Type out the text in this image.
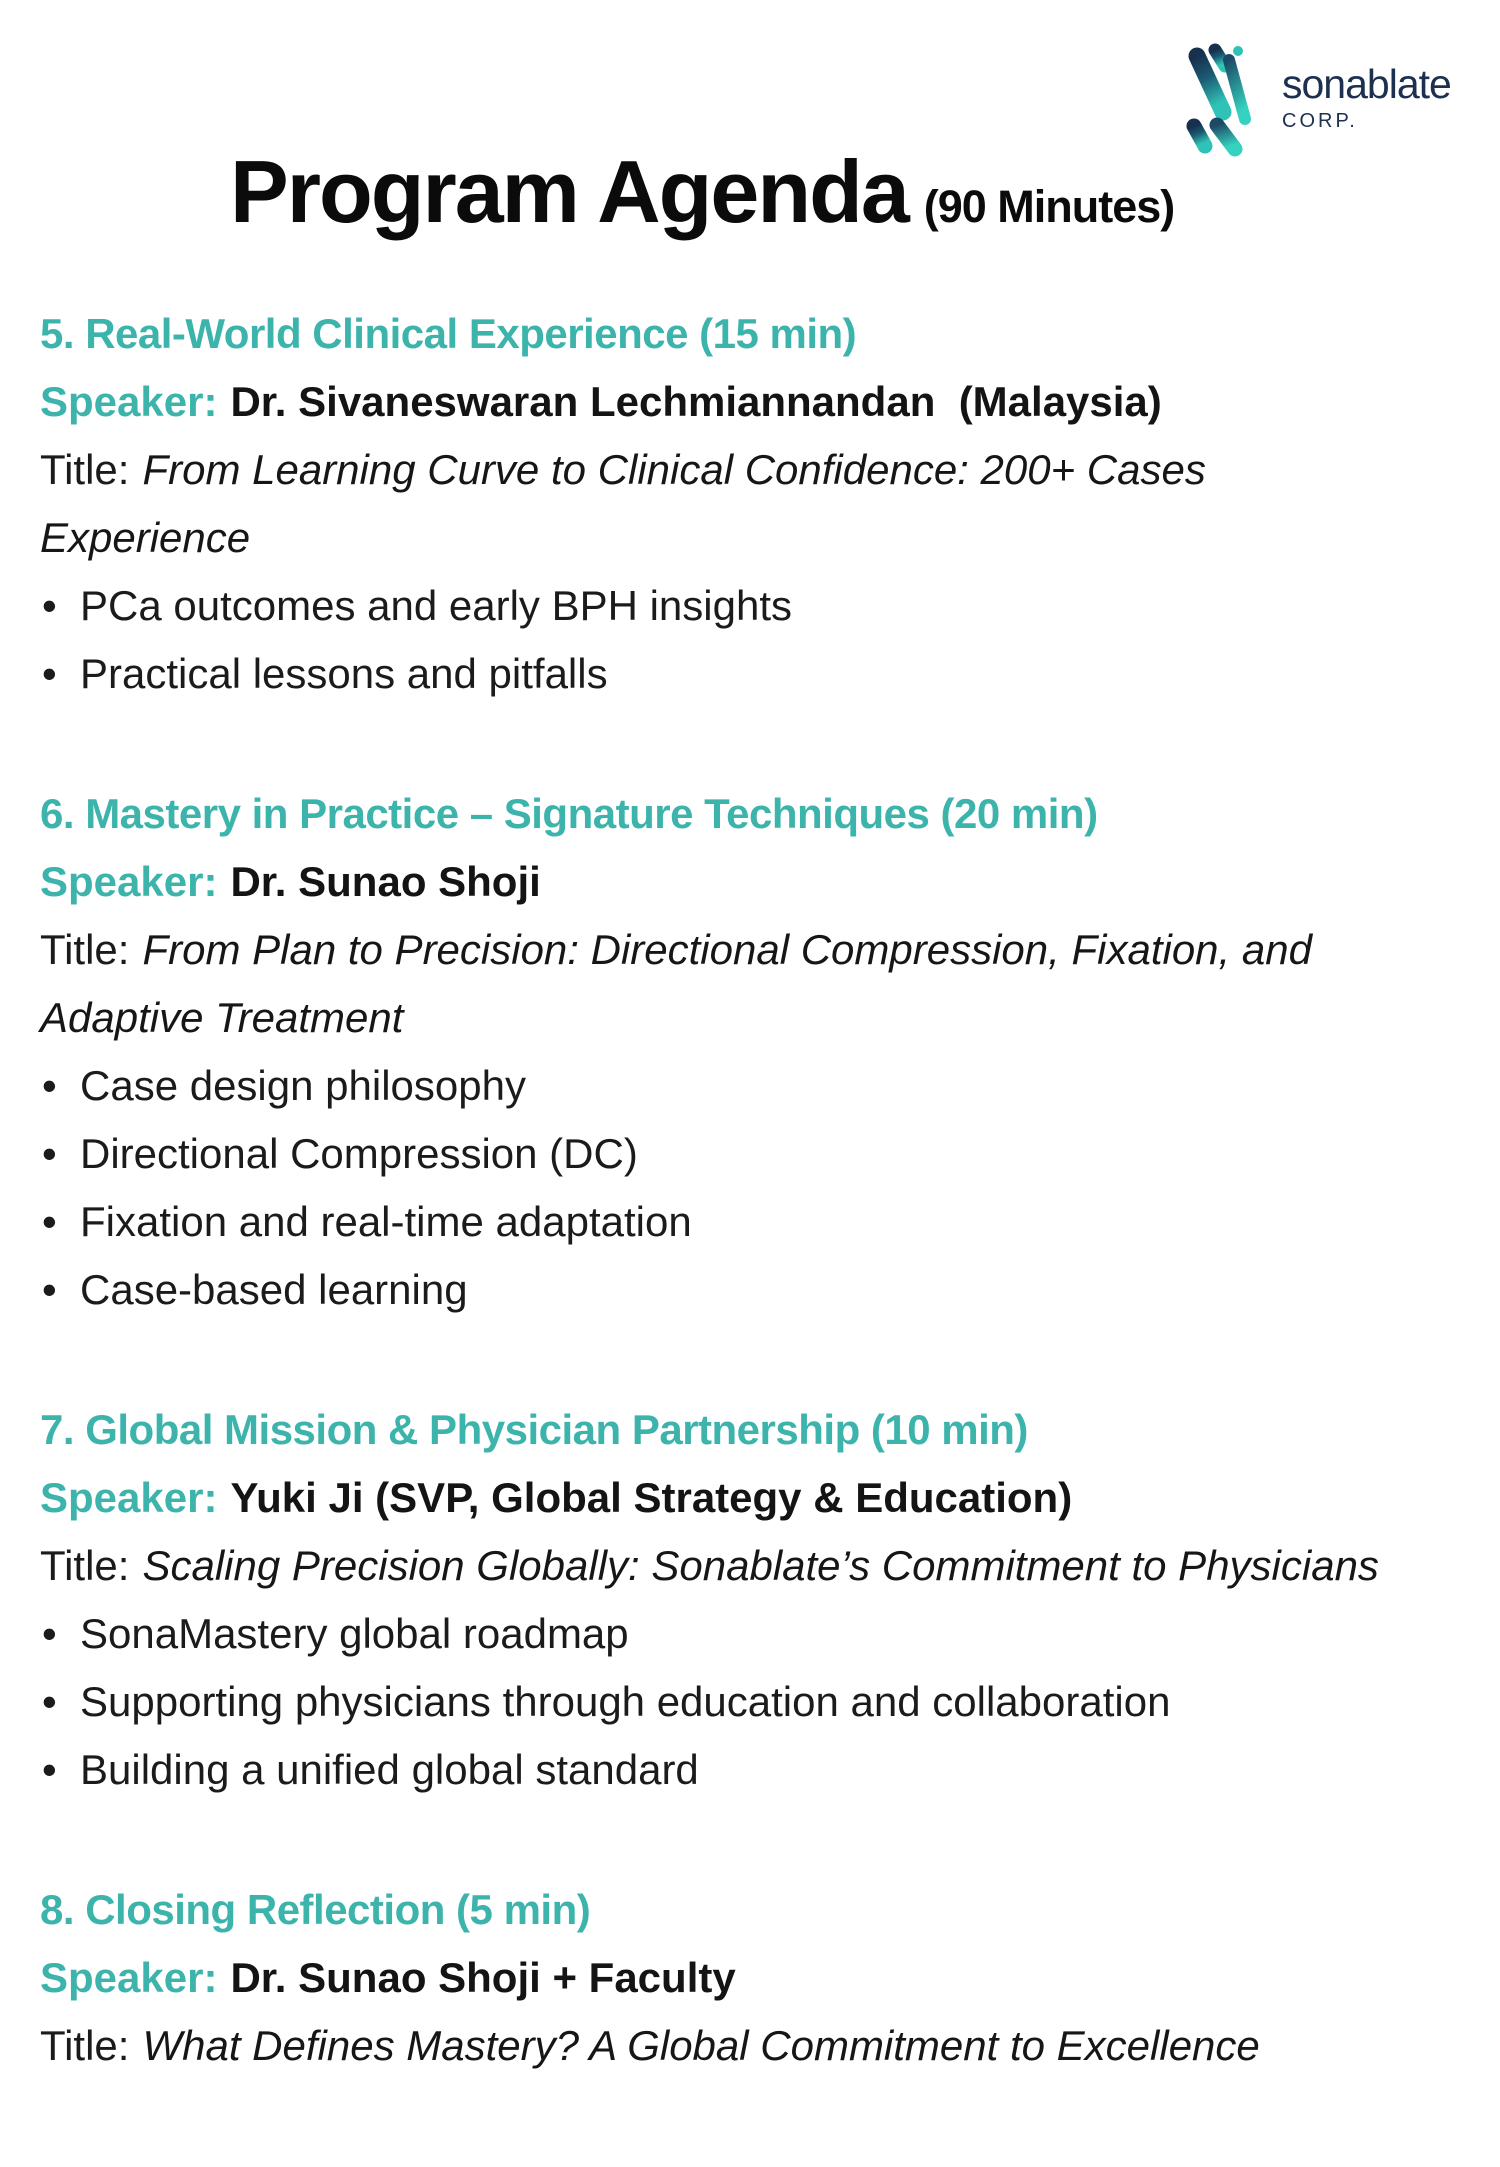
sonablate
CORP.
Program Agenda (90 Minutes)
5. Real-World Clinical Experience (15 min)

Speaker: Dr. Sivaneswaran Lechmiannandan  (Malaysia)

Title: From Learning Curve to Clinical Confidence: 200+ Cases

Experience

• PCa outcomes and early BPH insights
• Practical lessons and pitfalls
6. Mastery in Practice – Signature Techniques (20 min)

Speaker: Dr. Sunao Shoji

Title: From Plan to Precision: Directional Compression, Fixation, and

Adaptive Treatment

• Case design philosophy
• Directional Compression (DC)
• Fixation and real-time adaptation
• Case-based learning
7. Global Mission & Physician Partnership (10 min)

Speaker: Yuki Ji (SVP, Global Strategy & Education)

Title: Scaling Precision Globally: Sonablate’s Commitment to Physicians

• SonaMastery global roadmap
• Supporting physicians through education and collaboration
• Building a unified global standard
8. Closing Reflection (5 min)

Speaker: Dr. Sunao Shoji + Faculty

Title: What Defines Mastery? A Global Commitment to Excellence
